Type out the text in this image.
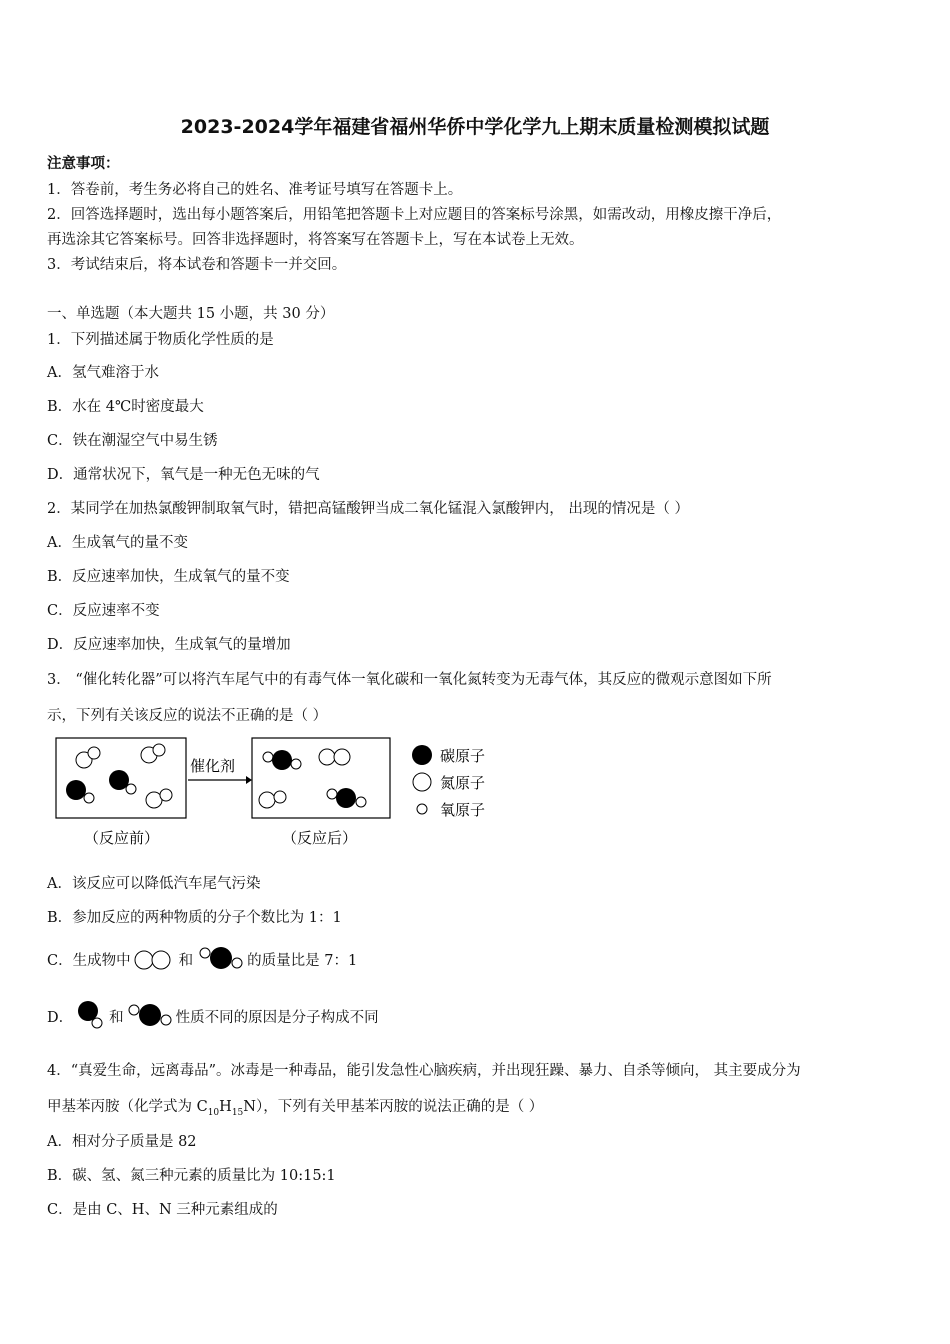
2023-2024学年福建省福州华侨中学化学九上期末质量检测模拟试题
注意事项：
1．答卷前，考生务必将自己的姓名、准考证号填写在答题卡上。
2．回答选择题时，选出每小题答案后，用铅笔把答题卡上对应题目的答案标号涂黑，如需改动，用橡皮擦干净后，
再选涂其它答案标号。回答非选择题时，将答案写在答题卡上，写在本试卷上无效。
3．考试结束后，将本试卷和答题卡一并交回。
一、单选题（本大题共 15 小题，共 30 分）
1．下列描述属于物质化学性质的是
A．氢气难溶于水
B．水在 4℃时密度最大
C．铁在潮湿空气中易生锈
D．通常状况下，氧气是一种无色无味的气
2．某同学在加热氯酸钾制取氧气时，错把高锰酸钾当成二氧化锰混入氯酸钾内， 出现的情况是（ ）
A．生成氧气的量不变
B．反应速率加快，生成氧气的量不变
C．反应速率不变
D．反应速率加快，生成氧气的量增加
3． “催化转化器”可以将汽车尾气中的有毒气体一氧化碳和一氧化氮转变为无毒气体，其反应的微观示意图如下所
示，下列有关该反应的说法不正确的是（ ）
催化剂
（反应前）	（反应后）
碳原子
氮原子
氧原子
A．该反应可以降低汽车尾气污染
B．参加反应的两种物质的分子个数比为 1：1
C．生成物中	和	的质量比是 7：1
D． 和	性质不同的原因是分子构成不同
4．“真爱生命，远离毒品”。冰毒是一种毒品，能引发急性心脑疾病，并出现狂躁、暴力、自杀等倾向， 其主要成分为
甲基苯丙胺（化学式为 $C_{10}H_{15}N$），下列有关甲基苯丙胺的说法正确的是（ ）
A．相对分子质量是 82
B．碳、氢、氮三种元素的质量比为 10:15:1
C．是由 C、H、N 三种元素组成的
